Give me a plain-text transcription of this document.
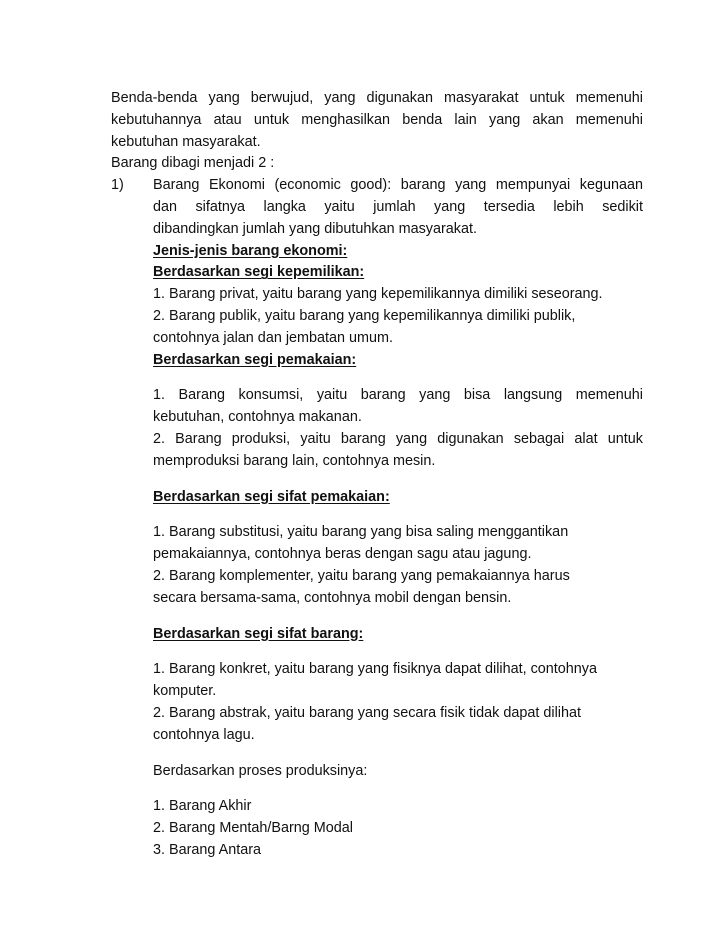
Benda-benda yang berwujud, yang digunakan masyarakat untuk memenuhi
kebutuhannya atau untuk menghasilkan benda lain yang akan memenuhi
kebutuhan masyarakat.
Barang dibagi menjadi 2 :
1) Barang Ekonomi (economic good): barang yang mempunyai kegunaan
dan sifatnya langka yaitu jumlah yang tersedia lebih sedikit
dibandingkan jumlah yang dibutuhkan masyarakat.
Jenis-jenis barang ekonomi:
Berdasarkan segi kepemilikan:
1. Barang privat, yaitu barang yang kepemilikannya dimiliki seseorang.
2. Barang publik, yaitu barang yang kepemilikannya dimiliki publik,
contohnya jalan dan jembatan umum.
Berdasarkan segi pemakaian:
1. Barang konsumsi, yaitu barang yang bisa langsung memenuhi
kebutuhan, contohnya makanan.
2. Barang produksi, yaitu barang yang digunakan sebagai alat untuk
memproduksi barang lain, contohnya mesin.
Berdasarkan segi sifat pemakaian:
1. Barang substitusi, yaitu barang yang bisa saling menggantikan
pemakaiannya, contohnya beras dengan sagu atau jagung.
2. Barang komplementer, yaitu barang yang pemakaiannya harus
secara bersama-sama, contohnya mobil dengan bensin.
Berdasarkan segi sifat barang:
1. Barang konkret, yaitu barang yang fisiknya dapat dilihat, contohnya
komputer.
2. Barang abstrak, yaitu barang yang secara fisik tidak dapat dilihat
contohnya lagu.
Berdasarkan proses produksinya:
1. Barang Akhir
2. Barang Mentah/Barng Modal
3. Barang Antara
